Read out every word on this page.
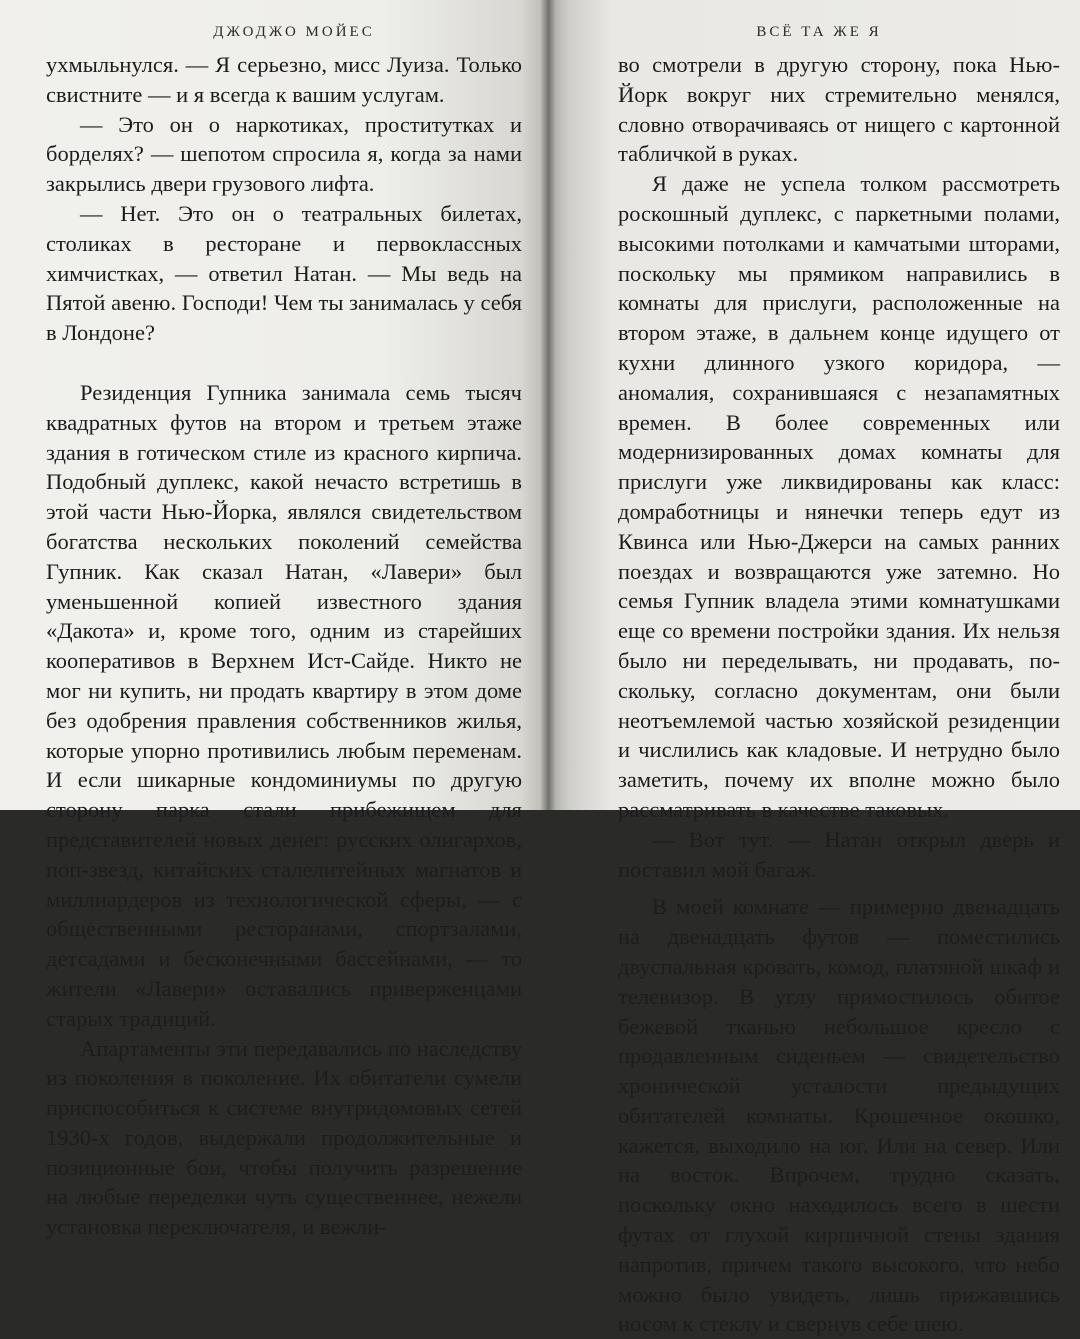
ДЖОДЖО МОЙЕС

ухмыльнулся. — Я серьезно, мисс Луиза. Только свистните — и я всегда к вашим услугам.

— Это он о наркотиках, проститутках и борделях? — шепотом спросила я, когда за нами закрылись двери грузового лифта.

— Нет. Это он о театральных билетах, столиках в ресторане и первоклассных химчистках, — ответил Натан. — Мы ведь на Пятой авеню. Господи! Чем ты занималась у себя в Лондоне?

Резиденция Гупника занимала семь тысяч квадратных футов на втором и третьем этаже здания в готическом стиле из красного кирпича. Подобный дуплекс, какой нечасто встретишь в этой части Нью-Йорка, являлся свидетельством богатства нескольких поколений семейства Гупник. Как сказал Натан, «Лавери» был уменьшенной копией известного здания «Дакота» и, кроме того, одним из старейших кооперативов в Верхнем Ист-Сайде. Никто не мог ни купить, ни продать квартиру в этом доме без одобрения правления собственников жилья, которые упорно противились любым переменам. И если шикарные кондоминиумы по другую сторону парка стали прибежищем для представителей новых денег: русских олигархов, поп-звезд, китайских сталелитейных магнатов и миллиардеров из технологической сферы, — с общественными ресторанами, спортзалами, детсадами и бесконечными бассейнами, — то жители «Лавери» оставались приверженцами старых традиций.

Апартаменты эти передавались по наследству из поколения в поколение. Их обитатели сумели приспособиться к системе внутридомовых сетей 1930-х годов, выдержали продолжительные и позиционные бои, чтобы получить разрешение на любые переделки чуть существеннее, нежели установка переключателя, и вежли-

ВСЁ ТА ЖЕ Я

во смотрели в другую сторону, пока Нью-Йорк вокруг них стремительно менялся, словно отворачиваясь от нищего с картонной табличкой в руках.

Я даже не успела толком рассмотреть роскошный дуплекс, с паркетными полами, высокими потолками и камчатыми шторами, поскольку мы прямиком направились в комнаты для прислуги, расположенные на втором этаже, в дальнем конце идущего от кухни длинного узкого коридора, — аномалия, сохранившаяся с незапамятных времен. В более современных или модернизированных домах комнаты для прислуги уже ликвидированы как класс: домработницы и нянечки теперь едут из Квинса или Нью-Джерси на самых ранних поездах и возвращаются уже затемно. Но семья Гупник владела этими комнатушками еще со времени постройки здания. Их нельзя было ни переделывать, ни продавать, поскольку, согласно документам, они были неотъемлемой частью хозяйской резиденции и числились как кладовые. И нетрудно было заметить, почему их вполне можно было рассматривать в качестве таковых.

— Вот тут. — Натан открыл дверь и поставил мой багаж.

В моей комнате — примерно двенадцать на двенадцать футов — поместились двуспальная кровать, комод, платяной шкаф и телевизор. В углу примостилось обитое бежевой тканью небольшое кресло с продавленным сиденьем — свидетельство хронической усталости предыдущих обитателей комнаты. Крошечное окошко, кажется, выходило на юг. Или на север. Или на восток. Впрочем, трудно сказать, поскольку окно находилось всего в шести футах от глухой кирпичной стены здания напротив, причем такого высокого, что небо можно было увидеть, лишь прижавшись носом к стеклу и свернув себе шею.
